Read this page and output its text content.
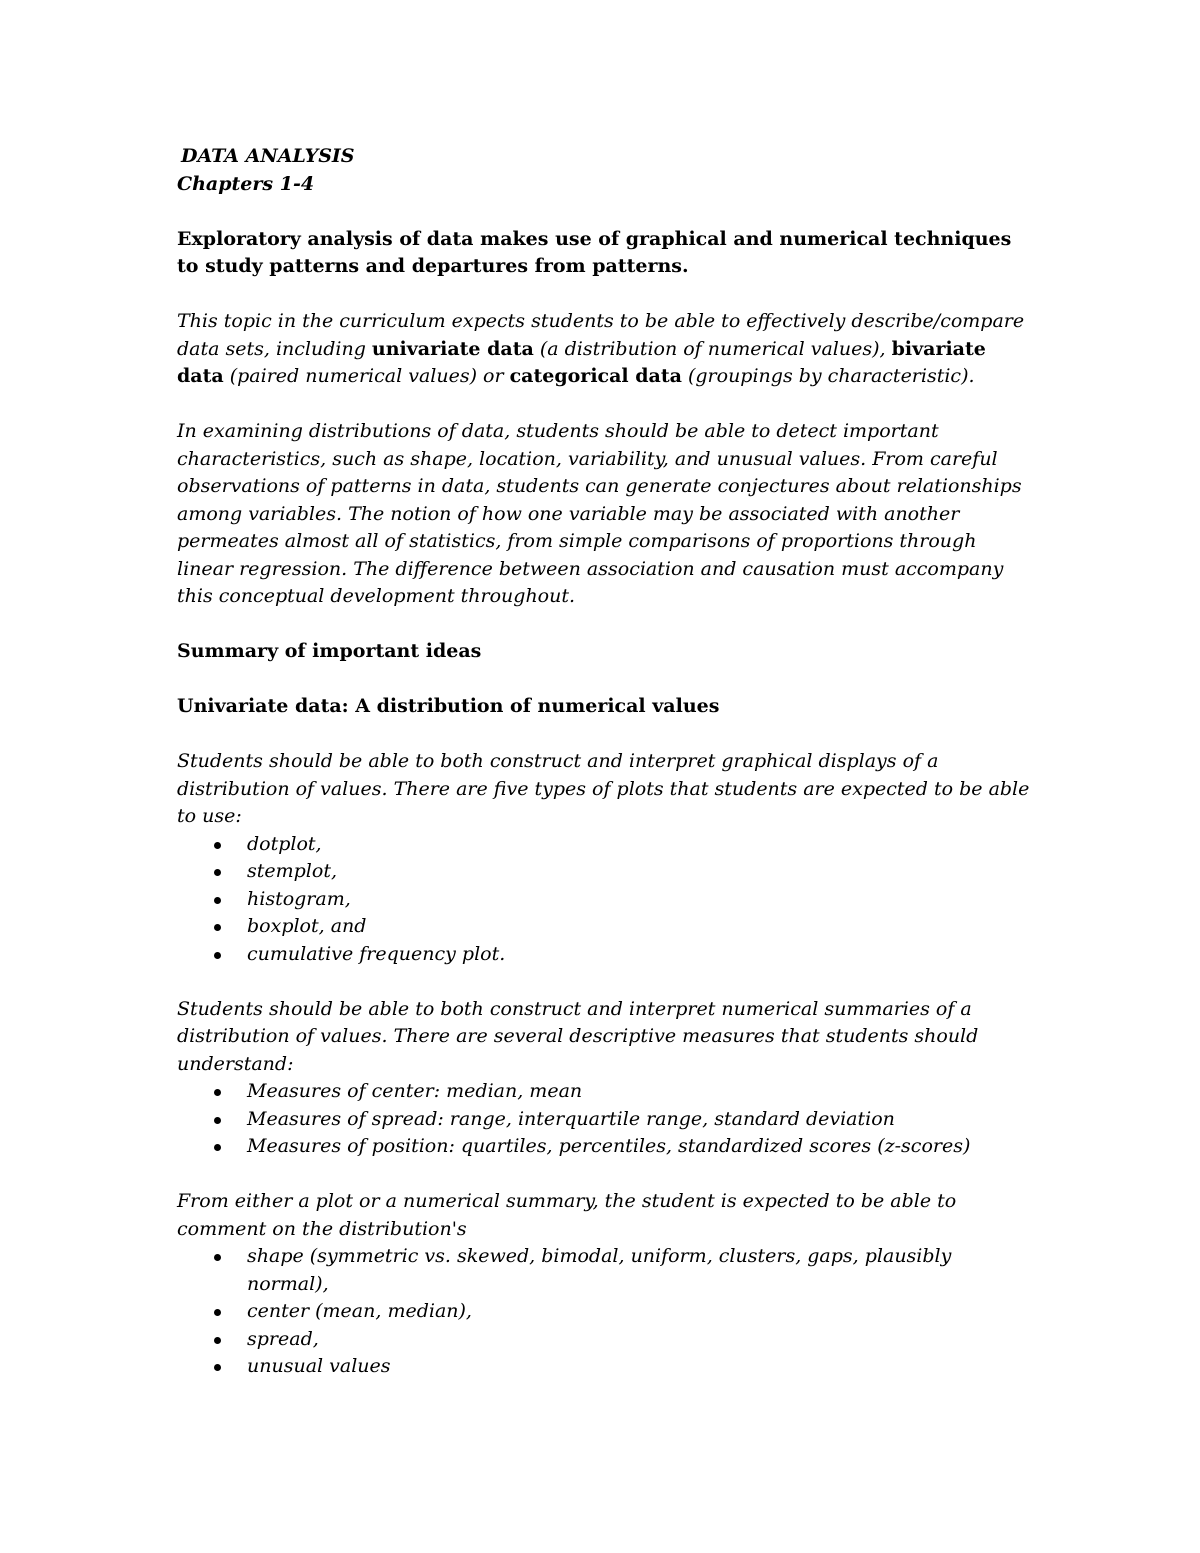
DATA ANALYSIS

Chapters 1-4

Exploratory analysis of data makes use of graphical and numerical techniques to study patterns and departures from patterns.

This topic in the curriculum expects students to be able to effectively describe/compare data sets, including univariate data (a distribution of numerical values), bivariate data (paired numerical values) or categorical data (groupings by characteristic).

In examining distributions of data, students should be able to detect important characteristics, such as shape, location, variability, and unusual values. From careful observations of patterns in data, students can generate conjectures about relationships among variables. The notion of how one variable may be associated with another permeates almost all of statistics, from simple comparisons of proportions through linear regression. The difference between association and causation must accompany this conceptual development throughout.

Summary of important ideas

Univariate data: A distribution of numerical values

Students should be able to both construct and interpret graphical displays of a distribution of values. There are five types of plots that students are expected to be able to use:

dotplot,
stemplot,
histogram,
boxplot, and
cumulative frequency plot.

Students should be able to both construct and interpret numerical summaries of a distribution of values. There are several descriptive measures that students should understand:

Measures of center: median, mean
Measures of spread: range, interquartile range, standard deviation
Measures of position: quartiles, percentiles, standardized scores (z-scores)

From either a plot or a numerical summary, the student is expected to be able to comment on the distribution's

shape (symmetric vs. skewed, bimodal, uniform, clusters, gaps, plausibly normal),
center (mean, median),
spread,
unusual values
